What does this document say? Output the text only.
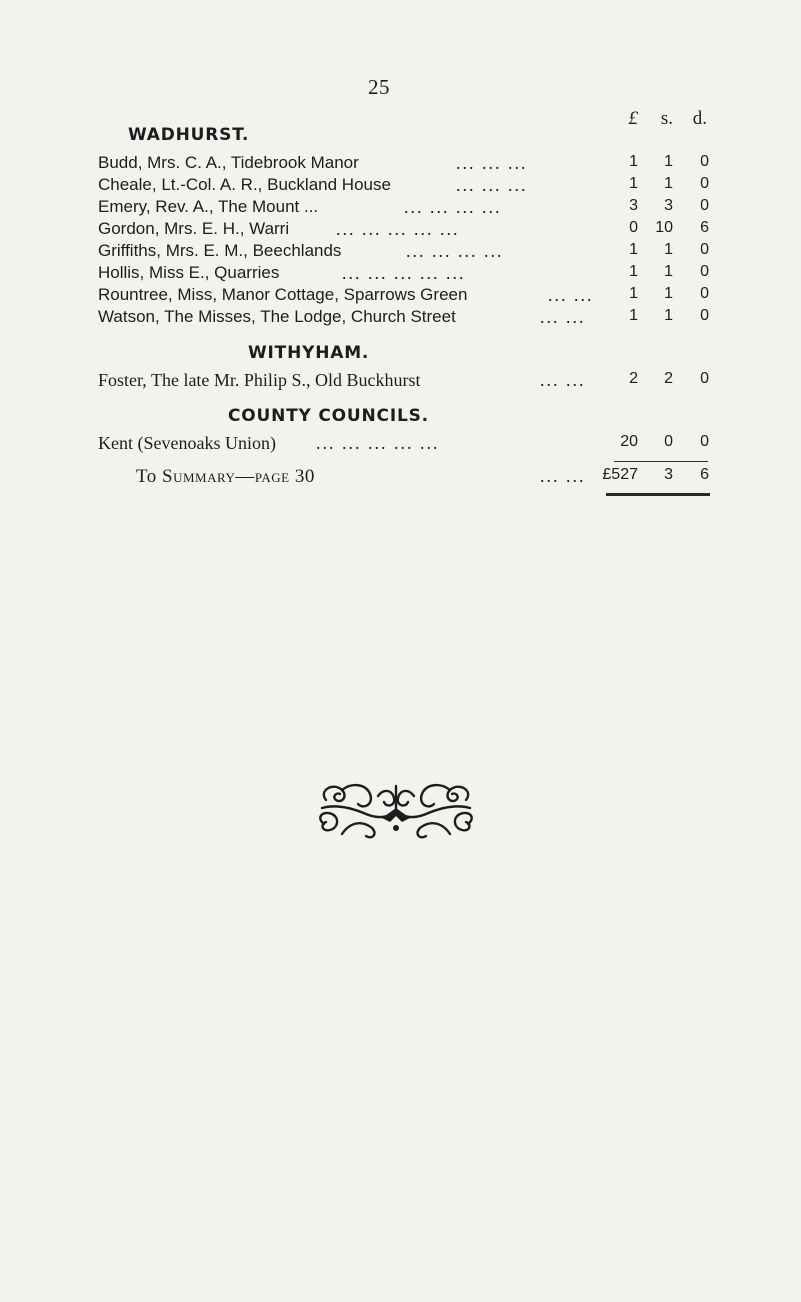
25
£	s.	d.
WADHURST.
Budd, Mrs. C. A., Tidebrook Manor	... ... ...	1	1	0
Cheale, Lt.-Col. A. R., Buckland House	... ... ...	1	1	0
Emery, Rev. A., The Mount ...	... ... ... ...	3	3	0
Gordon, Mrs. E. H., Warri	... ... ... ... ...	0	10	6
Griffiths, Mrs. E. M., Beechlands	... ... ... ...	1	1	0
Hollis, Miss E., Quarries	... ... ... ... ...	1	1	0
Rountree, Miss, Manor Cottage, Sparrows Green	... ...	1	1	0
Watson, The Misses, The Lodge, Church Street	... ...	1	1	0
WITHYHAM.
Foster, The late Mr. Philip S., Old Buckhurst	... ...	2	2	0
COUNTY COUNCILS.
Kent (Sevenoaks Union) ... ... ... ... ...	20	0	0
To Summary—page 30	... ...	£527	3	6
